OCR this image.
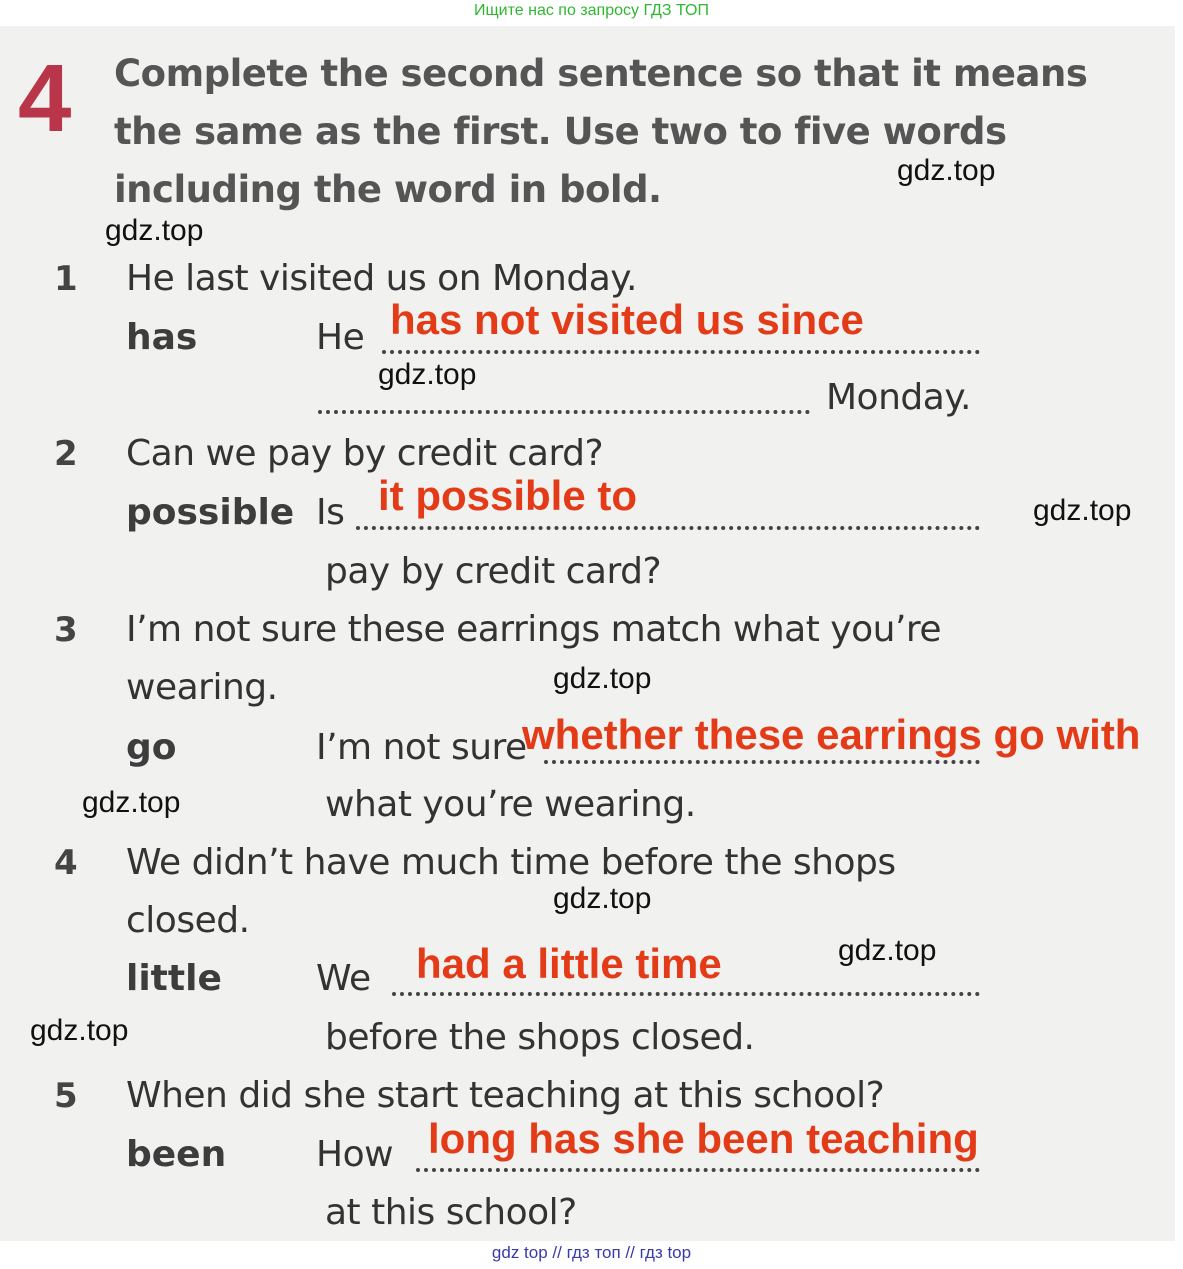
Ищите нас по запросу ГДЗ ТОП
4 Complete the second sentence so that it means
the same as the first. Use two to five words
including the word in bold.
1 He last visited us on Monday.
has	He
Monday.
has not visited us since
2 Can we pay by credit card?
possible Is
pay by credit card?
it possible to
3 I’m not sure these earrings match what you’re
wearing.
go	I’m not sure
what you’re wearing.
whether these earrings go with
4 We didn’t have much time before the shops
closed.
little	We
before the shops closed.
had a little time
5 When did she start teaching at this school?
been How
at this school?
long has she been teaching
gdz.top
gdz.top
gdz.top
gdz.top
gdz.top
gdz.top
gdz.top
gdz.top
gdz.top
gdz top // гдз топ // гдз top
